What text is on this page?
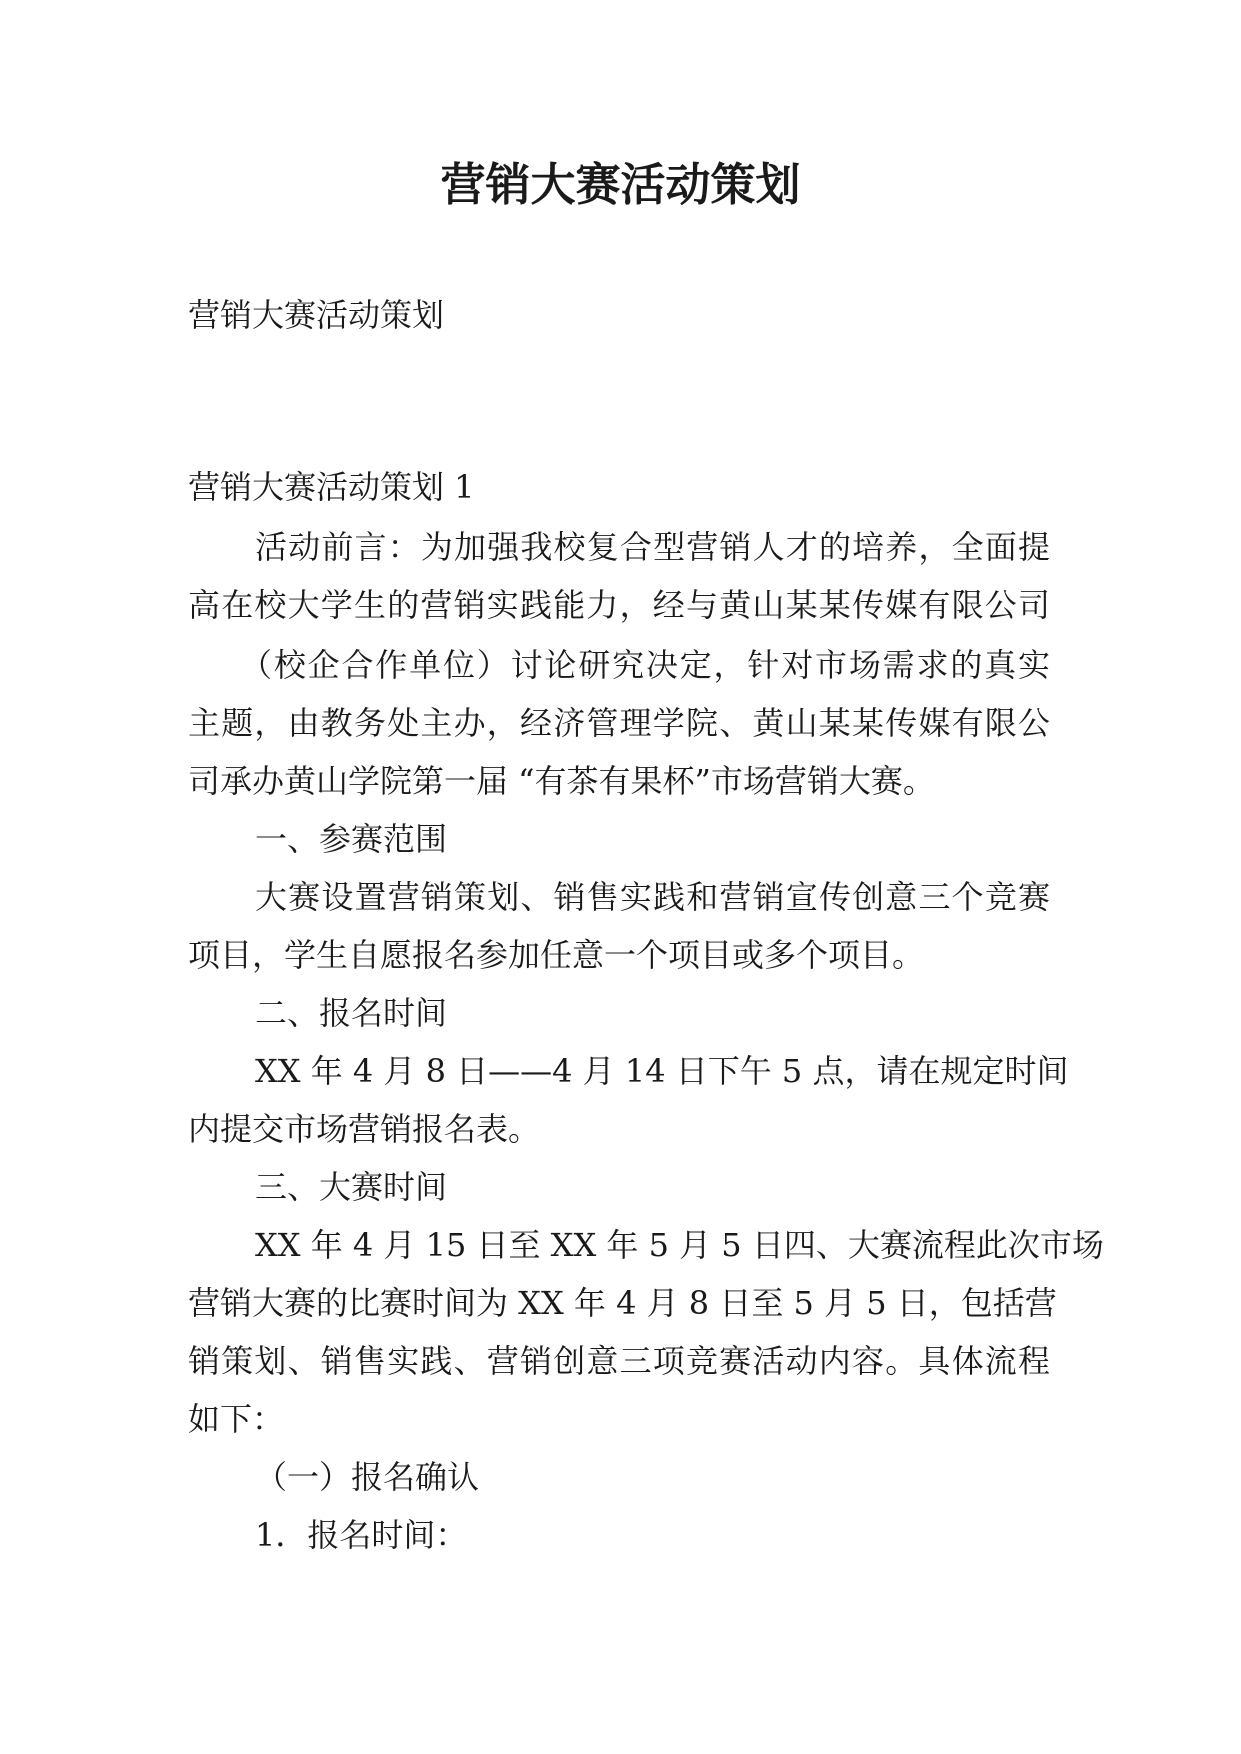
营销大赛活动策划

营销大赛活动策划

营销大赛活动策划 1

活动前言：为加强我校复合型营销人才的培养，全面提

高在校大学生的营销实践能力，经与黄山某某传媒有限公司

（校企合作单位）讨论研究决定，针对市场需求的真实

主题，由教务处主办，经济管理学院、黄山某某传媒有限公

司承办黄山学院第一届 “有茶有果杯”市场营销大赛。

一、参赛范围

大赛设置营销策划、销售实践和营销宣传创意三个竞赛

项目，学生自愿报名参加任意一个项目或多个项目。

二、报名时间

XX 年 4 月 8 日——4 月 14 日下午 5 点，请在规定时间

内提交市场营销报名表。

三、大赛时间

XX 年 4 月 15 日至 XX 年 5 月 5 日四、大赛流程此次市场

营销大赛的比赛时间为 XX 年 4 月 8 日至 5 月 5 日，包括营

销策划、销售实践、营销创意三项竞赛活动内容。具体流程

如下：

（一）报名确认

1．报名时间：
